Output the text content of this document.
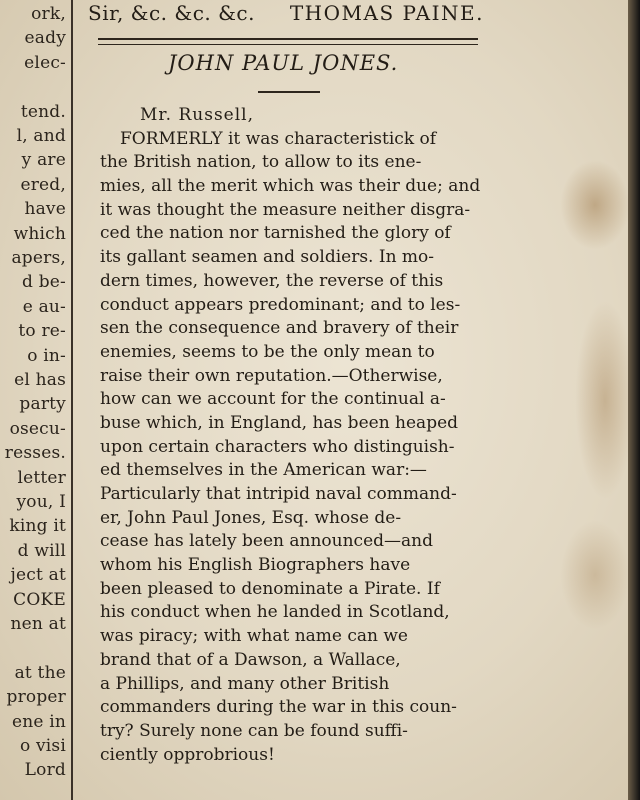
ork,
eady
elec-
tend.
l, and
y are
ered,
have
which
apers,
d be-
e au-
to re-
o in-
el has
party
osecu-
resses.
letter
you, I
king it
d will
ject at
COKE
nen at
at the
proper
ene in
o visi
Lord
Sir, &c. &c. &c. THOMAS PAINE.
JOHN PAUL JONES.
Mr. Russell,
FORMERLY it was characteristick of
the British nation, to allow to its ene-
mies, all the merit which was their due; and
it was thought the measure neither disgra-
ced the nation nor tarnished the glory of
its gallant seamen and soldiers. In mo-
dern times, however, the reverse of this
conduct appears predominant; and to les-
sen the consequence and bravery of their
enemies, seems to be the only mean to
raise their own reputation.—Otherwise,
how can we account for the continual a-
buse which, in England, has been heaped
upon certain characters who distinguish-
ed themselves in the American war:—
Particularly that intripid naval command-
er, John Paul Jones, Esq. whose de-
cease has lately been announced—and
whom his English Biographers have
been pleased to denominate a Pirate. If
his conduct when he landed in Scotland,
was piracy; with what name can we
brand that of a Dawson, a Wallace,
a Phillips, and many other British
commanders during the war in this coun-
try? Surely none can be found suffi-
ciently opprobrious!
